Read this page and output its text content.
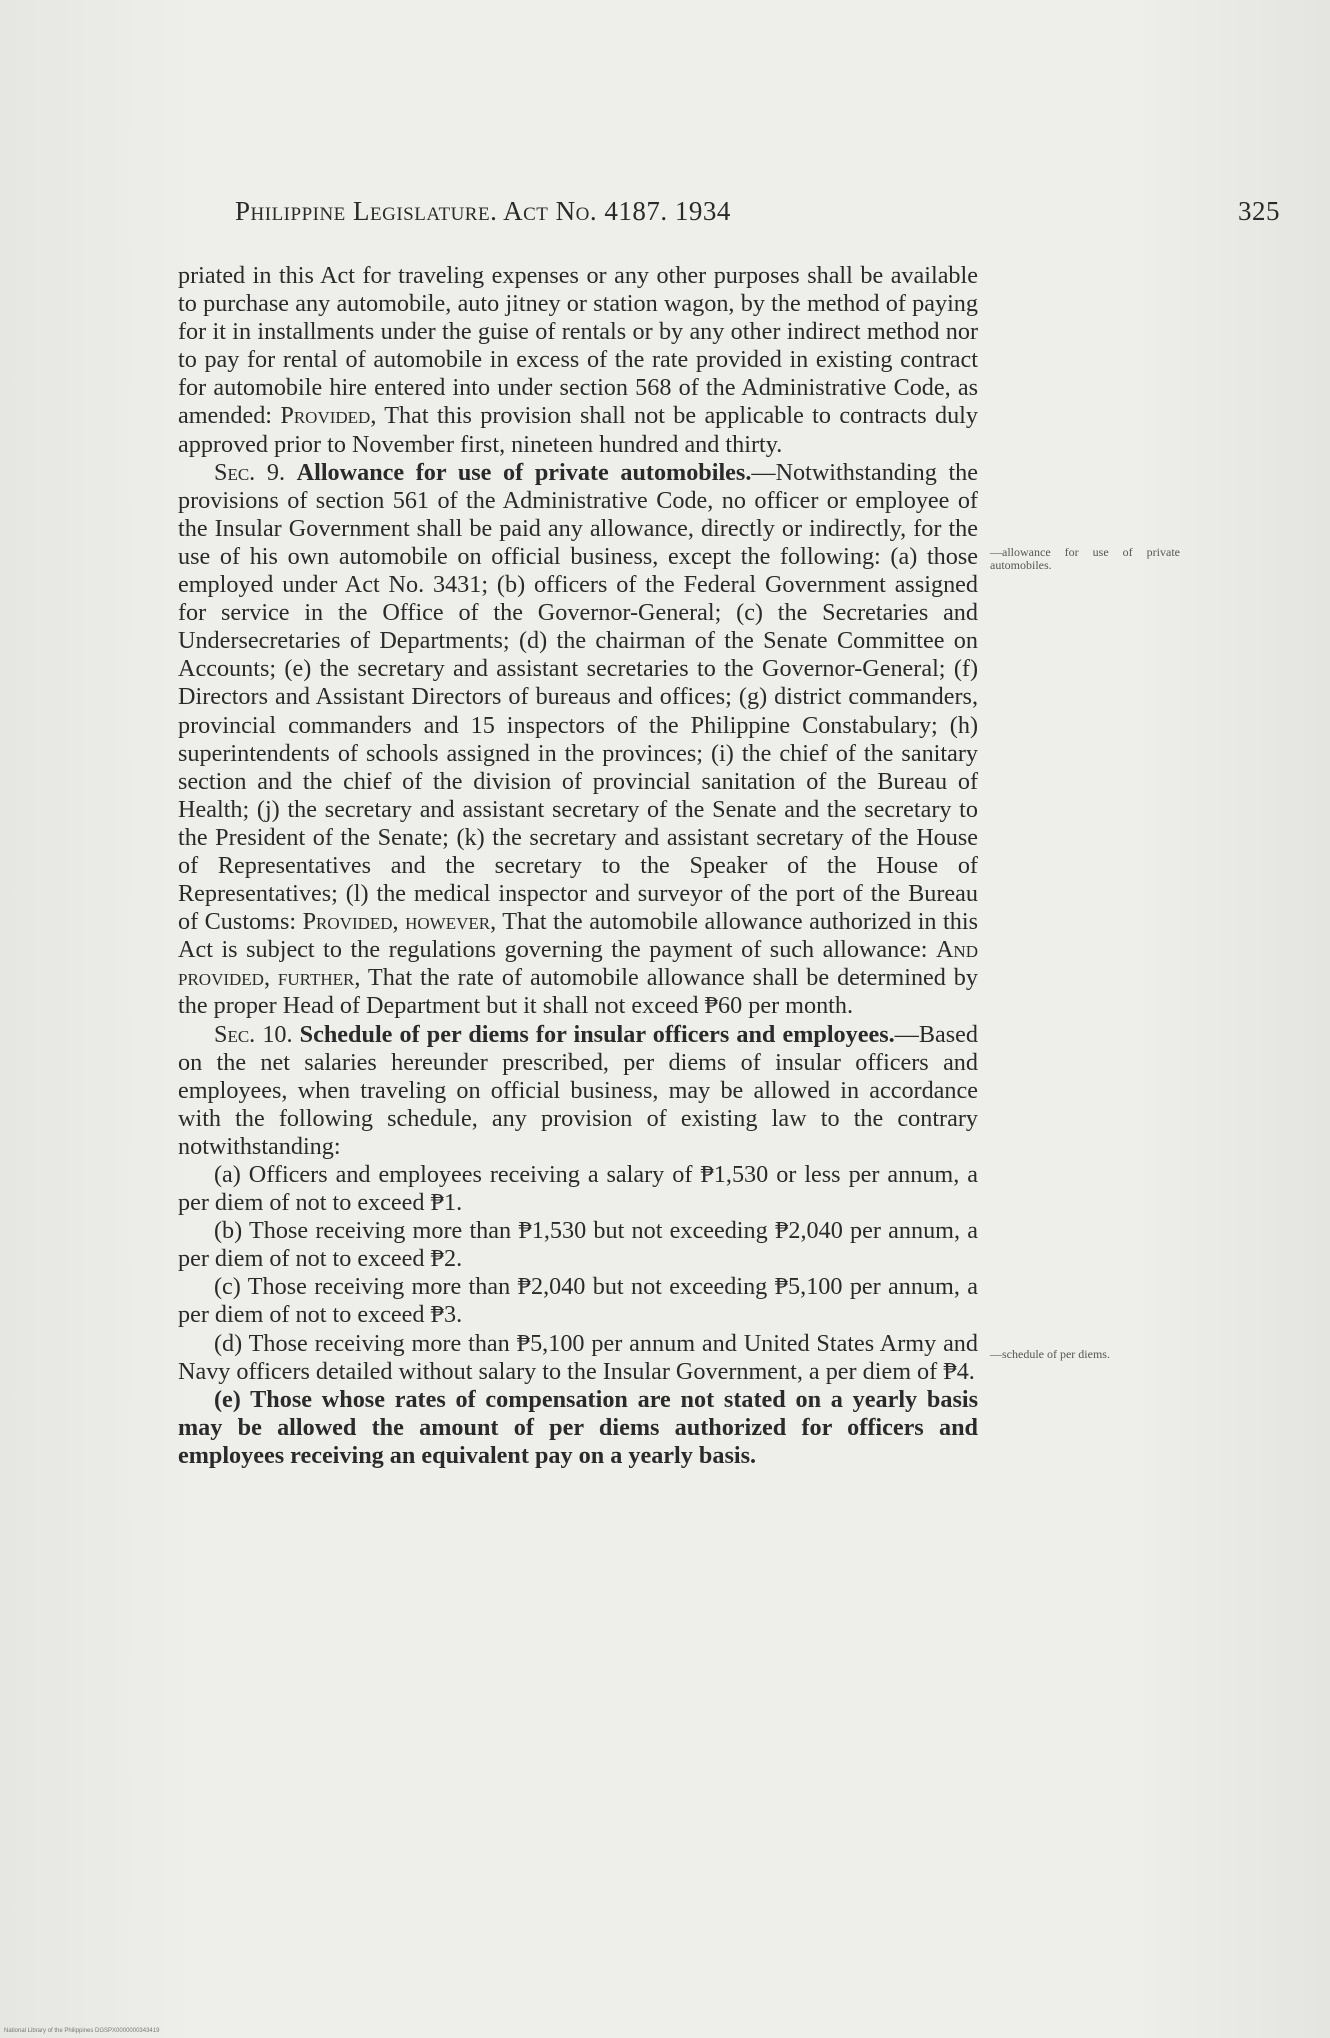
Philippine Legislature. Act No. 4187. 1934	325

priated in this Act for traveling expenses or any other purposes shall be available to purchase any automobile, auto jitney or station wagon, by the method of paying for it in installments under the guise of rentals or by any other indirect method nor to pay for rental of automobile in excess of the rate provided in existing contract for automobile hire entered into under section 568 of the Administrative Code, as amended: Provided, That this provision shall not be applicable to contracts duly approved prior to November first, nineteen hundred and thirty.

Sec. 9. Allowance for use of private automobiles.—Notwithstanding the provisions of section 561 of the Administrative Code, no officer or employee of the Insular Government shall be paid any allowance, directly or indirectly, for the use of his own automobile on official business, except the following: (a) those employed under Act No. 3431; (b) officers of the Federal Government assigned for service in the Office of the Governor-General; (c) the Secretaries and Undersecretaries of Departments; (d) the chairman of the Senate Committee on Accounts; (e) the secretary and assistant secretaries to the Governor-General; (f) Directors and Assistant Directors of bureaus and offices; (g) district commanders, provincial commanders and 15 inspectors of the Philippine Constabulary; (h) superintendents of schools assigned in the provinces; (i) the chief of the sanitary section and the chief of the division of provincial sanitation of the Bureau of Health; (j) the secretary and assistant secretary of the Senate and the secretary to the President of the Senate; (k) the secretary and assistant secretary of the House of Representatives and the secretary to the Speaker of the House of Representatives; (l) the medical inspector and surveyor of the port of the Bureau of Customs: Provided, however, That the automobile allowance authorized in this Act is subject to the regulations governing the payment of such allowance: And provided, further, That the rate of automobile allowance shall be determined by the proper Head of Department but it shall not exceed ₱60 per month.

Sec. 10. Schedule of per diems for insular officers and employees.—Based on the net salaries hereunder prescribed, per diems of insular officers and employees, when traveling on official business, may be allowed in accordance with the following schedule, any provision of existing law to the contrary notwithstanding:

(a) Officers and employees receiving a salary of ₱1,530 or less per annum, a per diem of not to exceed ₱1.

(b) Those receiving more than ₱1,530 but not exceeding ₱2,040 per annum, a per diem of not to exceed ₱2.

(c) Those receiving more than ₱2,040 but not exceeding ₱5,100 per annum, a per diem of not to exceed ₱3.

(d) Those receiving more than ₱5,100 per annum and United States Army and Navy officers detailed without salary to the Insular Government, a per diem of ₱4.

(e) Those whose rates of compensation are not stated on a yearly basis may be allowed the amount of per diems authorized for officers and employees receiving an equivalent pay on a yearly basis.

—allowance for use of private automobiles.
—schedule of per diems.
National Library of the Philippines DGSPX0000000343419
